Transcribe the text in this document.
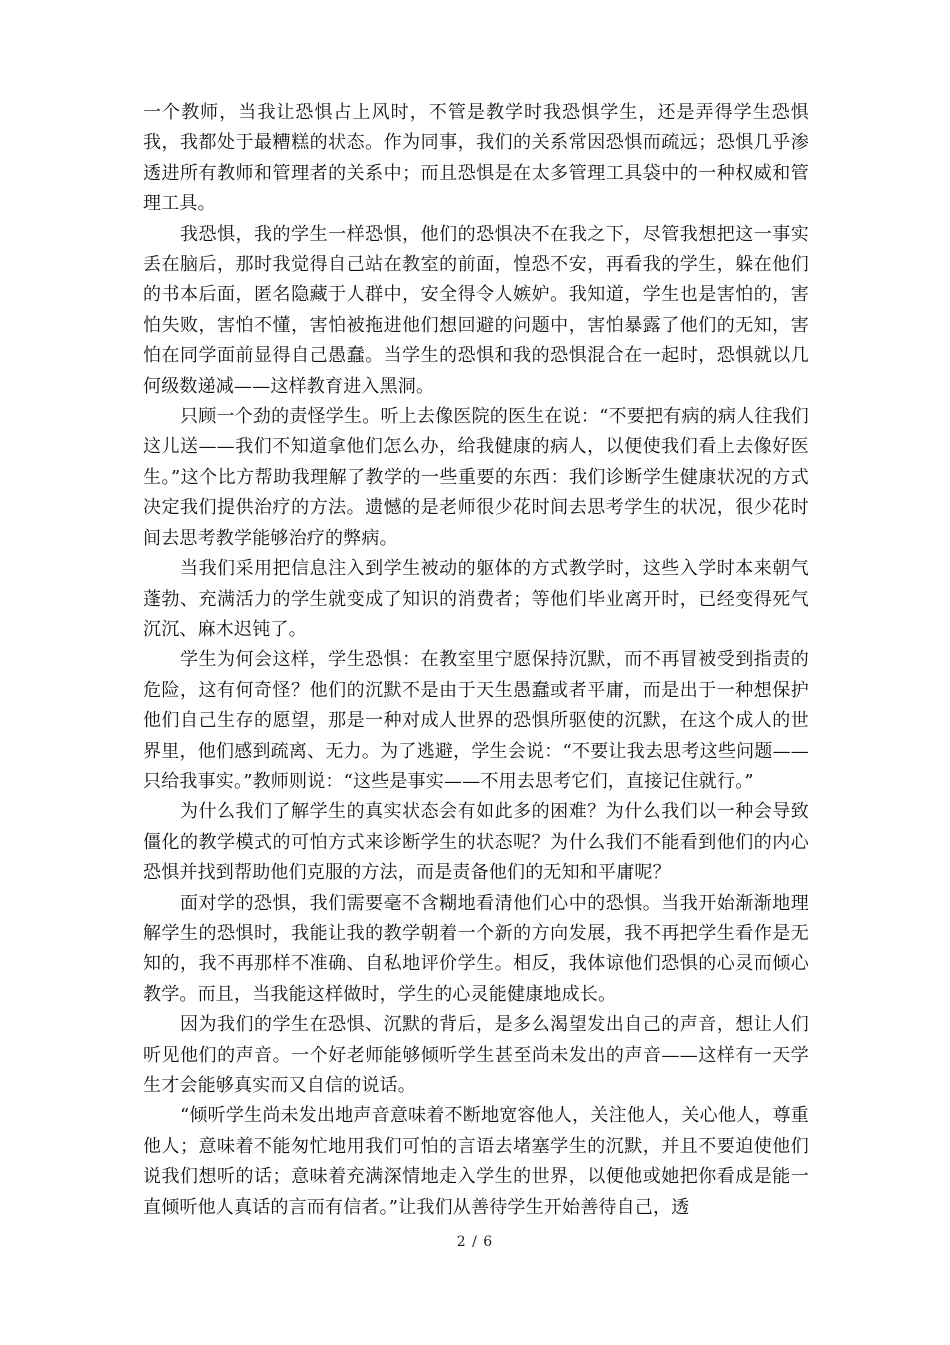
一个教师，当我让恐惧占上风时，不管是教学时我恐惧学生，还是弄得学生恐惧我，我都处于最糟糕的状态。作为同事，我们的关系常因恐惧而疏远；恐惧几乎渗透进所有教师和管理者的关系中；而且恐惧是在太多管理工具袋中的一种权威和管理工具。

我恐惧，我的学生一样恐惧，他们的恐惧决不在我之下，尽管我想把这一事实丢在脑后，那时我觉得自己站在教室的前面，惶恐不安，再看我的学生，躲在他们的书本后面，匿名隐藏于人群中，安全得令人嫉妒。我知道，学生也是害怕的，害怕失败，害怕不懂，害怕被拖进他们想回避的问题中，害怕暴露了他们的无知，害怕在同学面前显得自己愚蠢。当学生的恐惧和我的恐惧混合在一起时，恐惧就以几何级数递减——这样教育进入黑洞。

只顾一个劲的责怪学生。听上去像医院的医生在说：“不要把有病的病人往我们这儿送——我们不知道拿他们怎么办，给我健康的病人，以便使我们看上去像好医生。”这个比方帮助我理解了教学的一些重要的东西：我们诊断学生健康状况的方式决定我们提供治疗的方法。遗憾的是老师很少花时间去思考学生的状况，很少花时间去思考教学能够治疗的弊病。

当我们采用把信息注入到学生被动的躯体的方式教学时，这些入学时本来朝气蓬勃、充满活力的学生就变成了知识的消费者；等他们毕业离开时，已经变得死气沉沉、麻木迟钝了。

学生为何会这样，学生恐惧：在教室里宁愿保持沉默，而不再冒被受到指责的危险，这有何奇怪？他们的沉默不是由于天生愚蠢或者平庸，而是出于一种想保护他们自己生存的愿望，那是一种对成人世界的恐惧所驱使的沉默，在这个成人的世界里，他们感到疏离、无力。为了逃避，学生会说：“不要让我去思考这些问题——只给我事实。”教师则说：“这些是事实——不用去思考它们，直接记住就行。”

为什么我们了解学生的真实状态会有如此多的困难？为什么我们以一种会导致僵化的教学模式的可怕方式来诊断学生的状态呢？为什么我们不能看到他们的内心恐惧并找到帮助他们克服的方法，而是责备他们的无知和平庸呢？

面对学的恐惧，我们需要毫不含糊地看清他们心中的恐惧。当我开始渐渐地理解学生的恐惧时，我能让我的教学朝着一个新的方向发展，我不再把学生看作是无知的，我不再那样不准确、自私地评价学生。相反，我体谅他们恐惧的心灵而倾心教学。而且，当我能这样做时，学生的心灵能健康地成长。

因为我们的学生在恐惧、沉默的背后，是多么渴望发出自己的声音，想让人们听见他们的声音。一个好老师能够倾听学生甚至尚未发出的声音——这样有一天学生才会能够真实而又自信的说话。

“倾听学生尚未发出地声音意味着不断地宽容他人，关注他人，关心他人，尊重他人；意味着不能匆忙地用我们可怕的言语去堵塞学生的沉默，并且不要迫使他们说我们想听的话；意味着充满深情地走入学生的世界，以便他或她把你看成是能一直倾听他人真话的言而有信者。”让我们从善待学生开始善待自己，透

2 / 6
